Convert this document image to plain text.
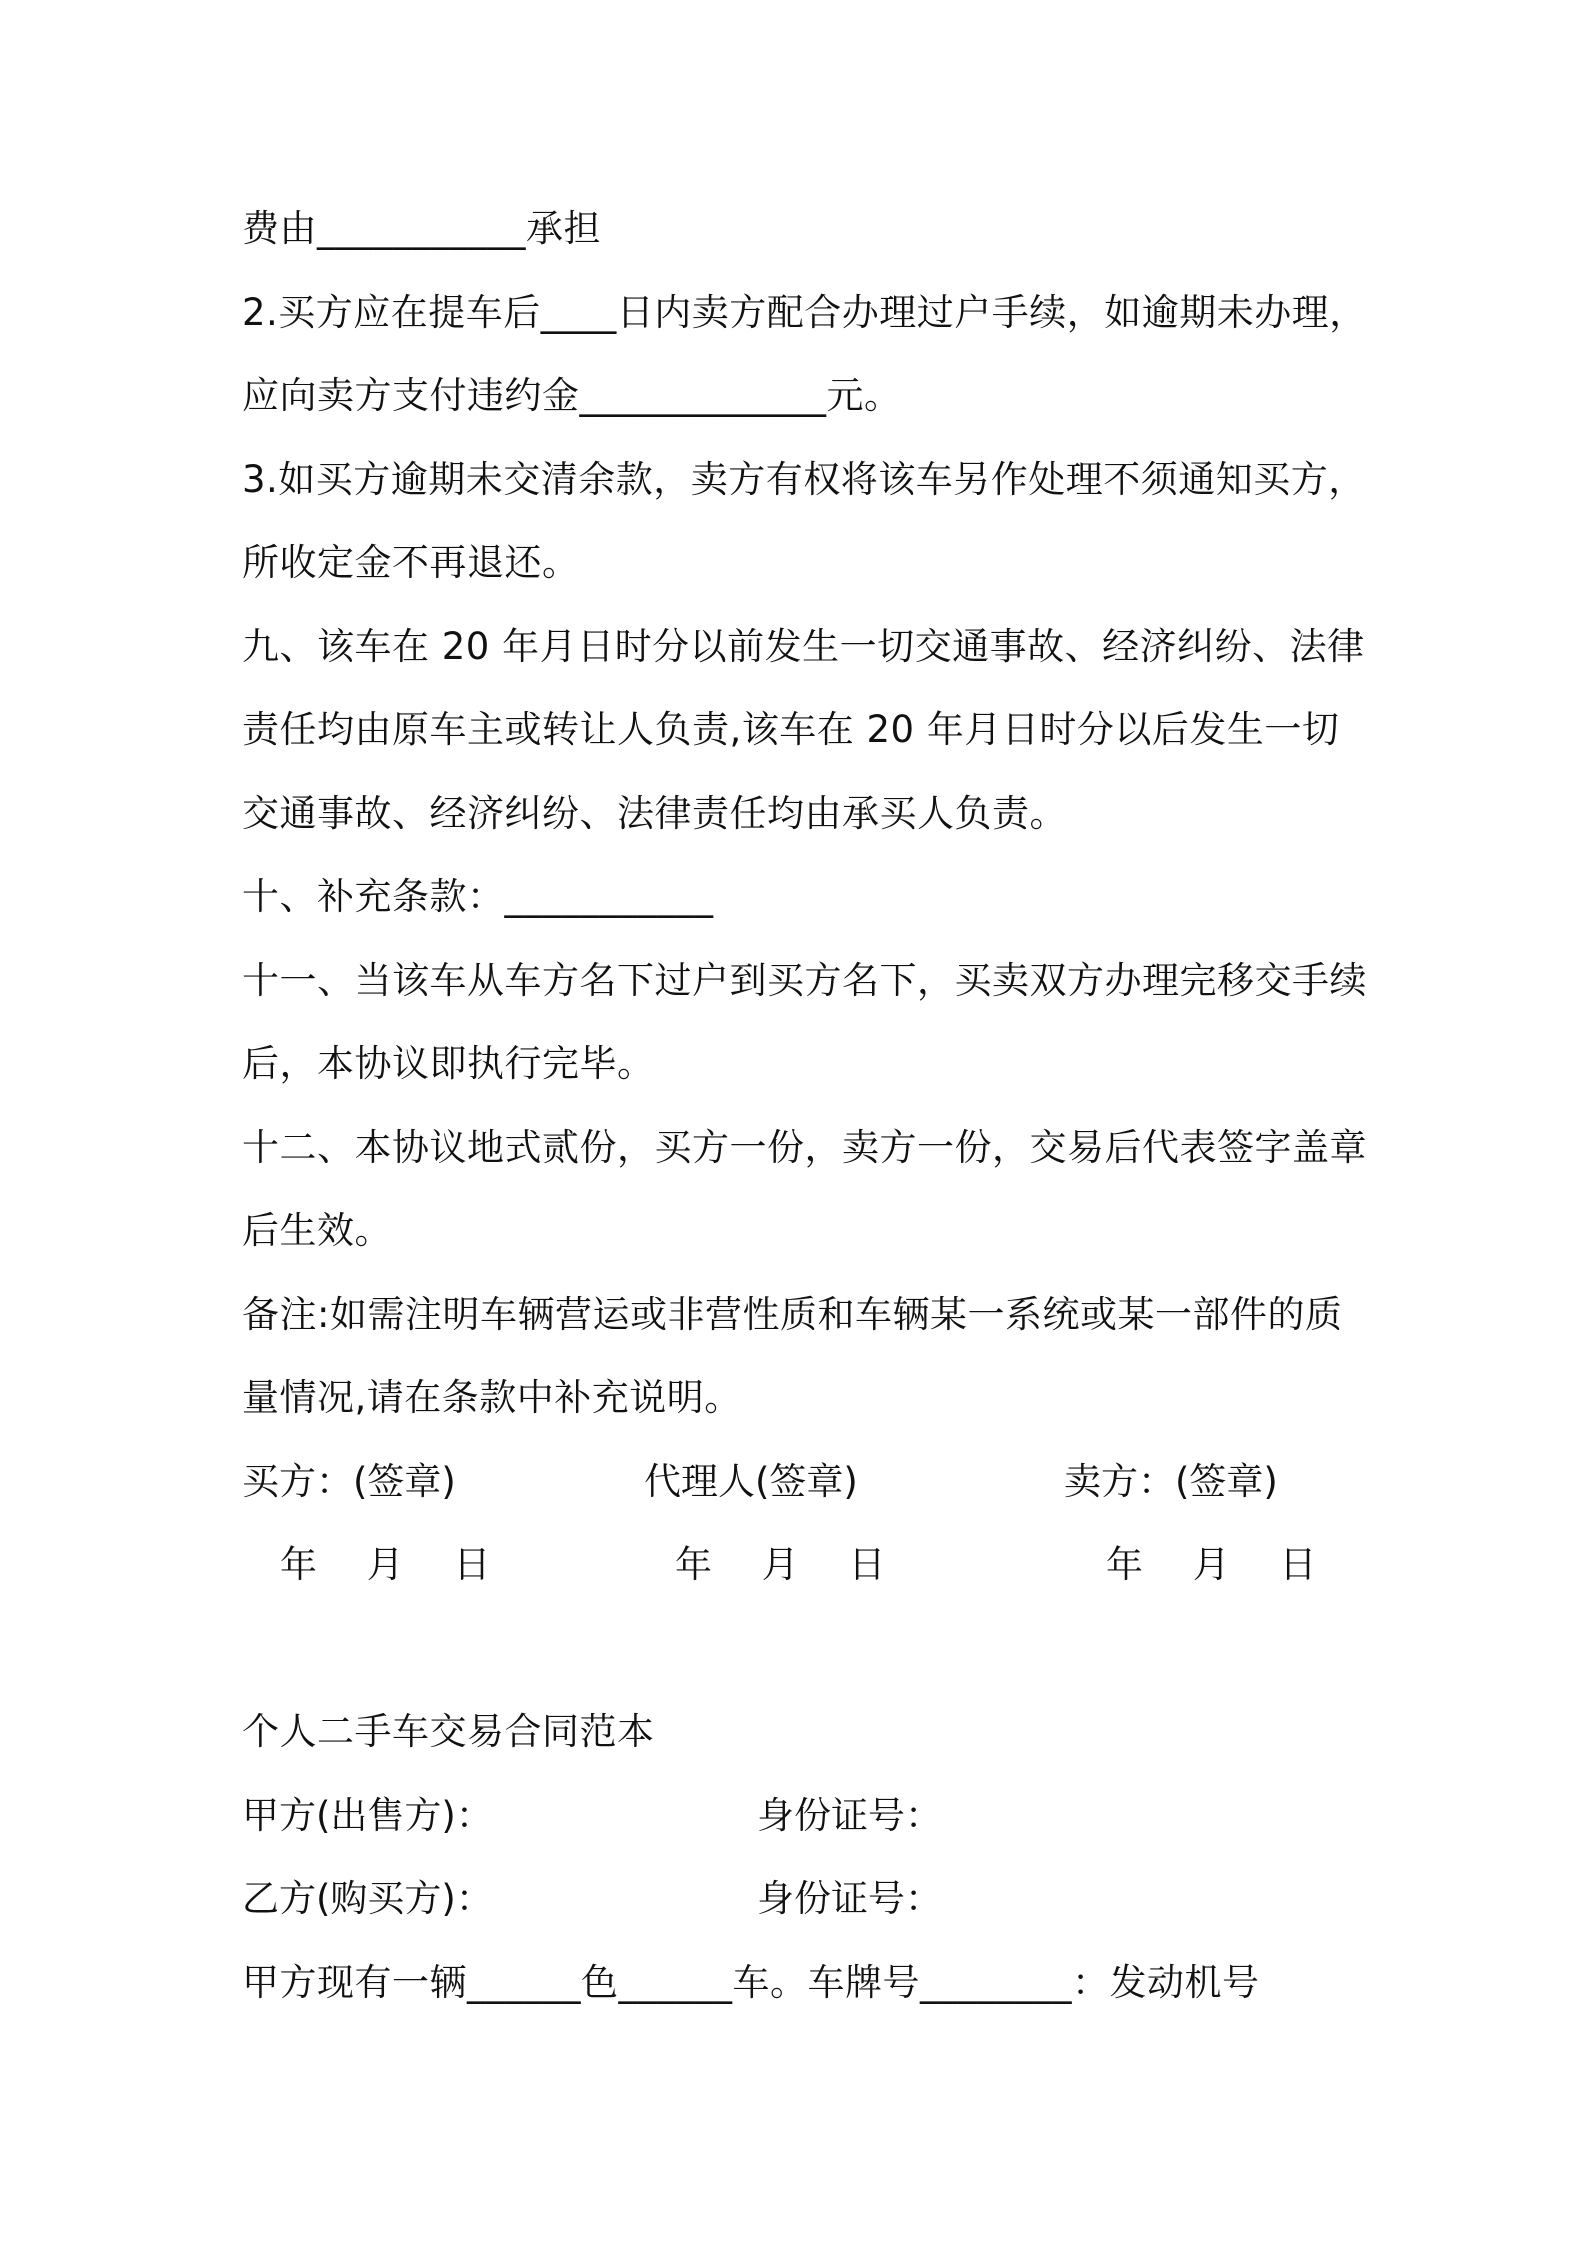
费由___________承担
2.买方应在提车后____日内卖方配合办理过户手续，如逾期未办理，
应向卖方支付违约金_____________元。
3.如买方逾期未交清余款，卖方有权将该车另作处理不须通知买方，
所收定金不再退还。
九、该车在 20 年月日时分以前发生一切交通事故、经济纠纷、法律
责任均由原车主或转让人负责,该车在 20 年月日时分以后发生一切
交通事故、经济纠纷、法律责任均由承买人负责。
十、补充条款：___________
十一、当该车从车方名下过户到买方名下，买卖双方办理完移交手续
后，本协议即执行完毕。
十二、本协议地式贰份，买方一份，卖方一份，交易后代表签字盖章
后生效。
备注:如需注明车辆营运或非营性质和车辆某一系统或某一部件的质
量情况,请在条款中补充说明。
买方：(签章)	代理人(签章)	卖方：(签章)
年 月 日	年 月 日	年 月 日
个人二手车交易合同范本
甲方(出售方)：	身份证号：
乙方(购买方)：	身份证号：
甲方现有一辆______色______车。车牌号________：发动机号
